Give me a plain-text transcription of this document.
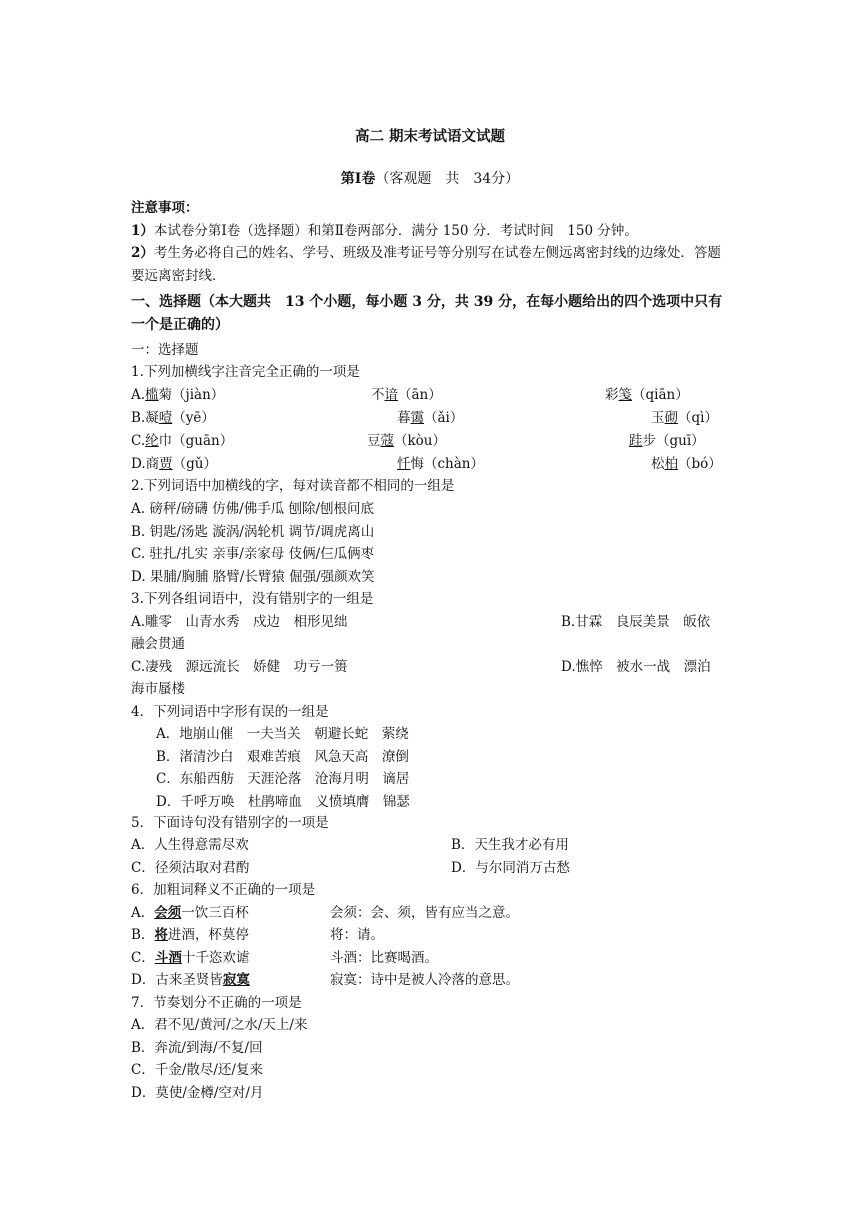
高二 期末考试语文试题
第Ⅰ卷（客观题　共　34分）
注意事项：
1）本试卷分第Ⅰ卷（选择题）和第Ⅱ卷两部分．满分 150 分．考试时间　150 分钟。
2）考生务必将自己的姓名、学号、班级及准考证号等分别写在试卷左侧远离密封线的边缘处．答题要远离密封线．
一、选择题（本大题共　13 个小题，每小题 3 分，共 39 分，在每小题给出的四个选项中只有一个是正确的）
一：选择题
1.下列加横线字注音完全正确的一项是
A.槛菊（jiàn）	不谙（ān）	彩笺（qiān）
B.凝噎（yē）	暮霭（ǎi）	玉砌（qì）
C.纶巾（guān）	豆蔻（kòu）	跬步（guī）
D.商贾（gǔ）	忏悔（chàn）	松柏（bó）
2.下列词语中加横线的字，每对读音都不相同的一组是
A. 磅秤/磅礴 仿佛/佛手瓜 刨除/刨根问底
B. 钥匙/汤匙 漩涡/涡轮机 调节/调虎离山
C. 驻扎/扎实 亲事/亲家母 伎俩/仨瓜俩枣
D. 果脯/胸脯 胳臂/长臂猿 倔强/强颜欢笑
3.下列各组词语中，没有错别字的一组是
A.雕零　山青水秀　戍边　相形见绌	B.甘霖　良辰美景　皈依
融会贯通
C.凄残　源远流长　娇健　功亏一篑	D.憔悴　被水一战　漂泊
海市蜃楼
4．下列词语中字形有误的一组是
A．地崩山催　一夫当关　朝避长蛇　萦绕
B．渚清沙白　艰难苦痕　风急天高　潦倒
C．东船西舫　天涯沦落　沧海月明　谪居
D．千呼万唤　杜鹃啼血　义愤填膺　锦瑟
5．下面诗句没有错别字的一项是
A．人生得意需尽欢	B．天生我才必有用
C．径须沽取对君酌	D．与尔同消万古愁
6．加粗词释义不正确的一项是
A．会须一饮三百杯	会须：会、须，皆有应当之意。
B．将进酒，杯莫停	将：请。
C．斗酒十千恣欢谑	斗酒：比赛喝酒。
D．古来圣贤皆寂寞	寂寞：诗中是被人冷落的意思。
7．节奏划分不正确的一项是
A．君不见/黄河/之水/天上/来
B．奔流/到海/不复/回
C．千金/散尽/还/复来
D．莫使/金樽/空对/月
